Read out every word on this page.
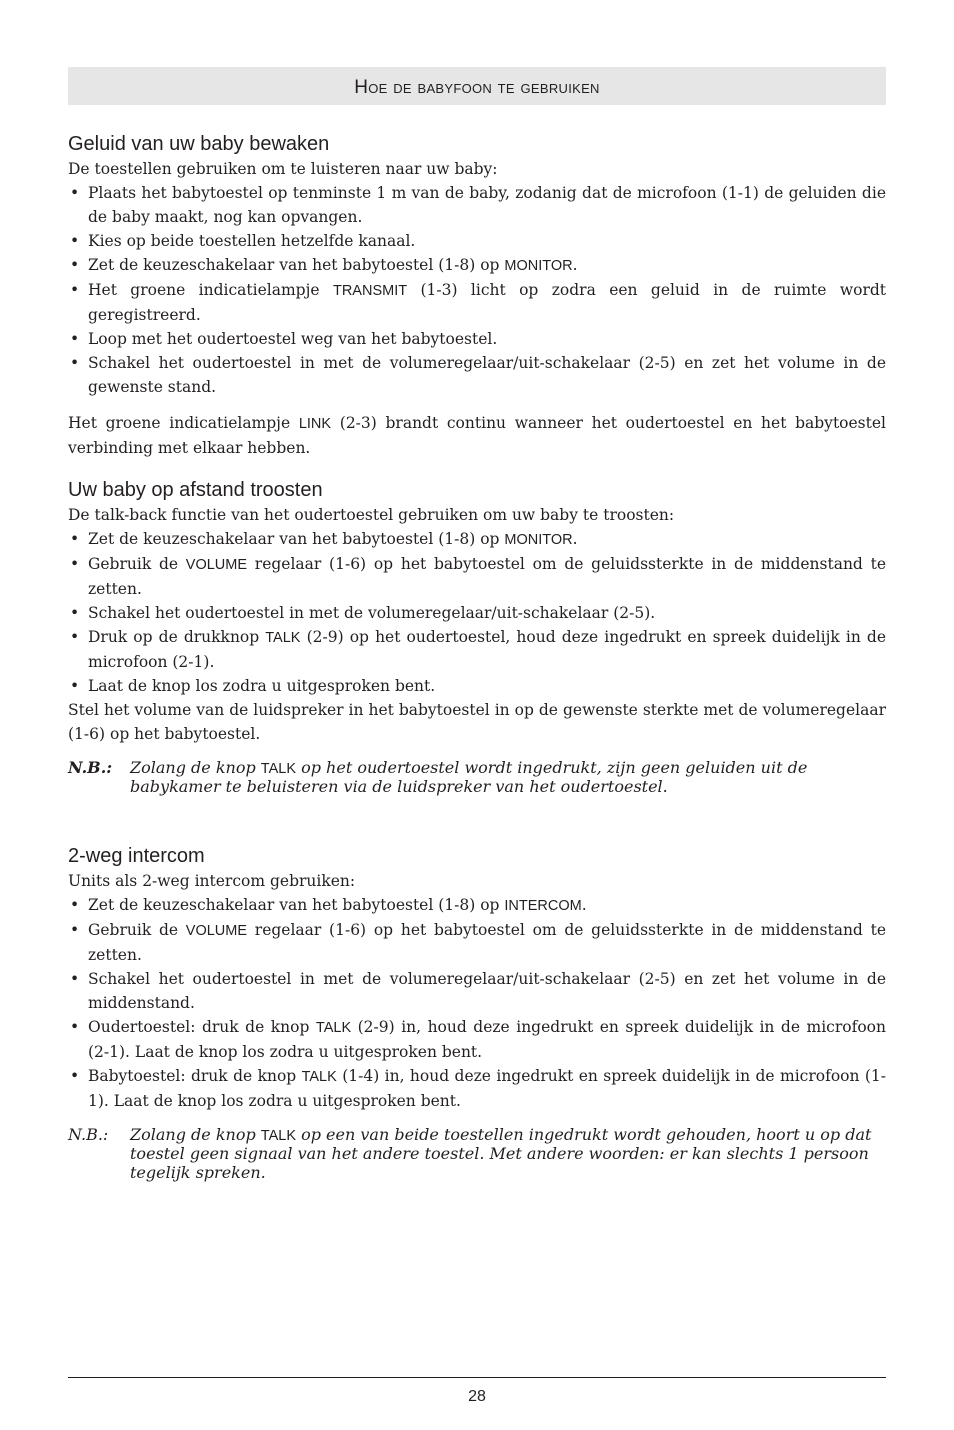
Hoe de babyfoon te gebruiken
Geluid van uw baby bewaken

De toestellen gebruiken om te luisteren naar uw baby:

• Plaats het babytoestel op tenminste 1 m van de baby, zodanig dat de microfoon (1-1) de geluiden die de baby maakt, nog kan opvangen.
• Kies op beide toestellen hetzelfde kanaal.
• Zet de keuzeschakelaar van het babytoestel (1-8) op MONITOR.
• Het groene indicatielampje TRANSMIT (1-3) licht op zodra een geluid in de ruimte wordt geregistreerd.
• Loop met het oudertoestel weg van het babytoestel.
• Schakel het oudertoestel in met de volumeregelaar/uit-schakelaar (2-5) en zet het volume in de gewenste stand.

Het groene indicatielampje LINK (2-3) brandt continu wanneer het oudertoestel en het babytoestel verbinding met elkaar hebben.

Uw baby op afstand troosten

De talk-back functie van het oudertoestel gebruiken om uw baby te troosten:

• Zet de keuzeschakelaar van het babytoestel (1-8) op MONITOR.
• Gebruik de VOLUME regelaar (1-6) op het babytoestel om de geluidssterkte in de middenstand te zetten.
• Schakel het oudertoestel in met de volumeregelaar/uit-schakelaar (2-5).
• Druk op de drukknop TALK (2-9) op het oudertoestel, houd deze ingedrukt en spreek duidelijk in de microfoon (2-1).
• Laat de knop los zodra u uitgesproken bent.

Stel het volume van de luidspreker in het babytoestel in op de gewenste sterkte met de volumeregelaar (1-6) op het babytoestel.

N.B.:	Zolang de knop TALK op het oudertoestel wordt ingedrukt, zijn geen geluiden uit de babykamer te beluisteren via de luidspreker van het oudertoestel.
2-weg intercom

Units als 2-weg intercom gebruiken:

• Zet de keuzeschakelaar van het babytoestel (1-8) op INTERCOM.
• Gebruik de VOLUME regelaar (1-6) op het babytoestel om de geluidssterkte in de middenstand te zetten.
• Schakel het oudertoestel in met de volumeregelaar/uit-schakelaar (2-5) en zet het volume in de middenstand.
• Oudertoestel: druk de knop TALK (2-9) in, houd deze ingedrukt en spreek duidelijk in de microfoon (2-1). Laat de knop los zodra u uitgesproken bent.
• Babytoestel: druk de knop TALK (1-4) in, houd deze ingedrukt en spreek duidelijk in de microfoon (1-1). Laat de knop los zodra u uitgesproken bent.
N.B.:	Zolang de knop TALK op een van beide toestellen ingedrukt wordt gehouden, hoort u op dat toestel geen signaal van het andere toestel. Met andere woorden: er kan slechts 1 persoon tegelijk spreken.
28
